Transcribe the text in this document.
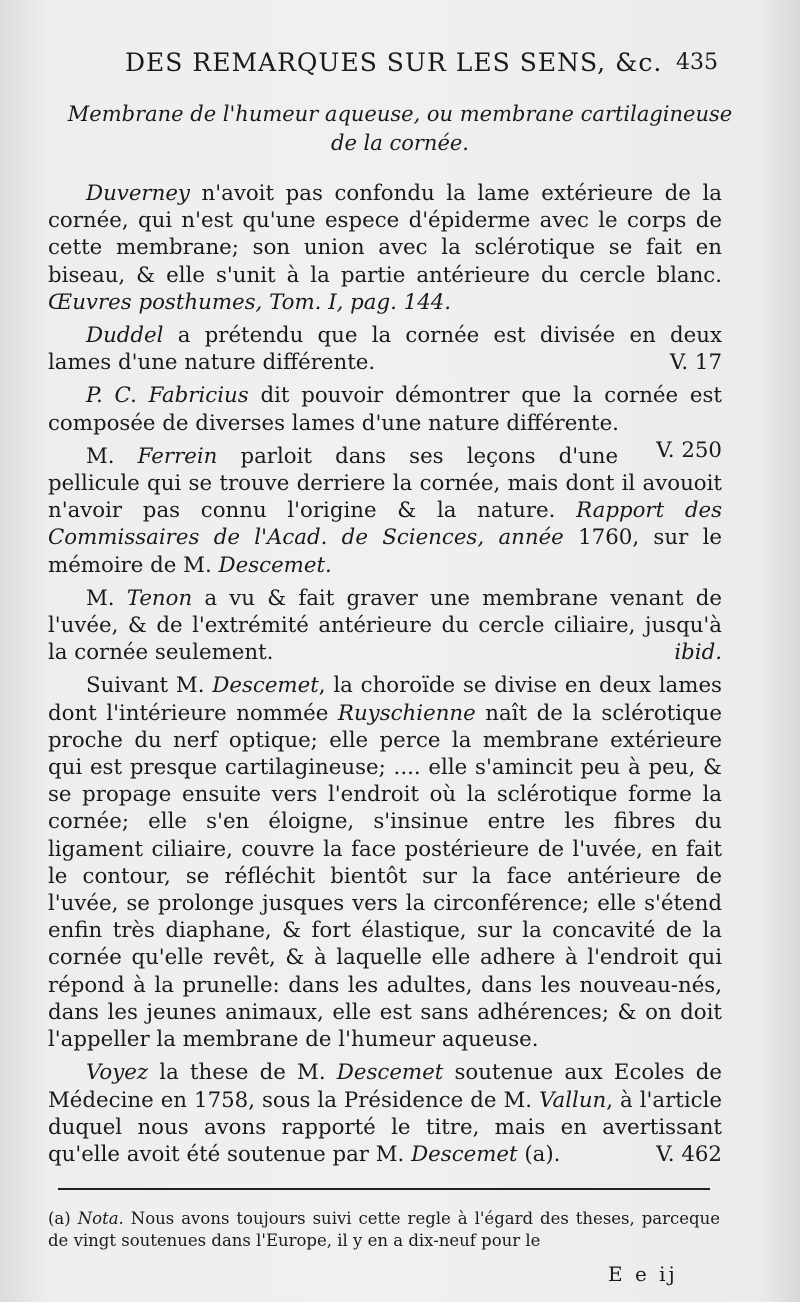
DES REMARQUES SUR LES SENS, &c. 435
Membrane de l'humeur aqueuse, ou membrane cartilagineuse
de la cornée.

Duverney n'avoit pas confondu la lame extérieure de la cornée, qui n'est qu'une espece d'épiderme avec le corps de cette membrane; son union avec la sclérotique se fait en biseau, & elle s'unit à la partie antérieure du cercle blanc. Œuvres posthumes, Tom. I, pag. 144.

Duddel a prétendu que la cornée est divisée en deux lames d'une nature différente.	V. 17

P. C. Fabricius dit pouvoir démontrer que la cornée est composée de diverses lames d'une nature différente.
V. 250

M. Ferrein parloit dans ses leçons d'une pellicule qui se trouve derriere la cornée, mais dont il avouoit n'avoir pas connu l'origine & la nature. Rapport des Commissaires de l'Acad. de Sciences, année 1760, sur le mémoire de M. Descemet.

M. Tenon a vu & fait graver une membrane venant de l'uvée, & de l'extrémité antérieure du cercle ciliaire, jusqu'à la cornée seulement.	ibid.

Suivant M. Descemet, la choroïde se divise en deux lames dont l'intérieure nommée Ruyschienne naît de la sclérotique proche du nerf optique; elle perce la membrane extérieure qui est presque cartilagineuse; .... elle s'amincit peu à peu, & se propage ensuite vers l'endroit où la sclérotique forme la cornée; elle s'en éloigne, s'insinue entre les fibres du ligament ciliaire, couvre la face postérieure de l'uvée, en fait le contour, se réfléchit bientôt sur la face antérieure de l'uvée, se prolonge jusques vers la circonférence; elle s'étend enfin très diaphane, & fort élastique, sur la concavité de la cornée qu'elle revêt, & à laquelle elle adhere à l'endroit qui répond à la prunelle: dans les adultes, dans les nouveau-nés, dans les jeunes animaux, elle est sans adhérences; & on doit l'appeller la membrane de l'humeur aqueuse.

Voyez la these de M. Descemet soutenue aux Ecoles de Médecine en 1758, sous la Présidence de M. Vallun, à l'article duquel nous avons rapporté le titre, mais en avertissant qu'elle avoit été soutenue par M. Descemet (a).	V. 462

(a) Nota. Nous avons toujours suivi cette regle à l'égard des theses, parceque de vingt soutenues dans l'Europe, il y en a dix-neuf pour le
E e ij
